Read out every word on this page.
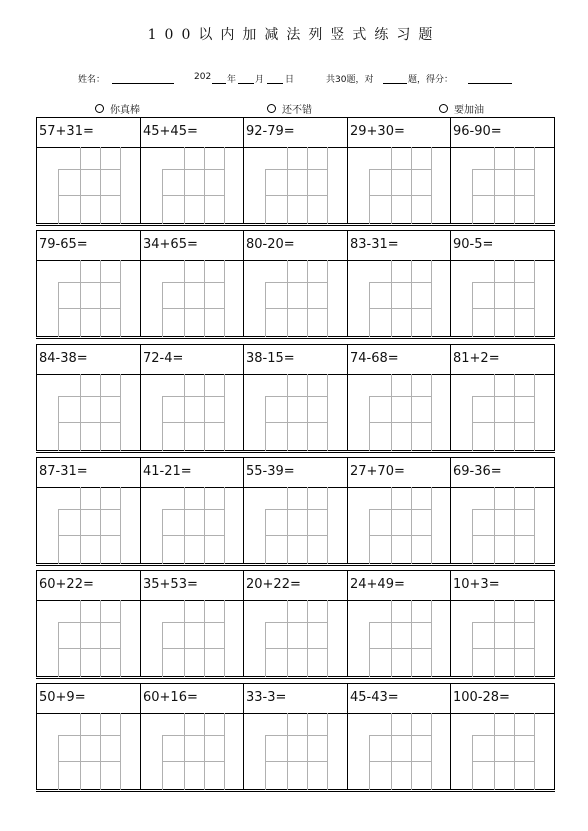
100以内加减法列竖式练习题
姓名：	202 年 月 日	共30题，对	题，得分：
你真棒	还不错	要加油
57+31=	45+45=	92-79=	29+30=	96-90=
79-65=	34+65=	80-20=	83-31=	90-5=
84-38=	72-4=	38-15=	74-68=	81+2=
87-31=	41-21=	55-39=	27+70=	69-36=
60+22=	35+53=	20+22=	24+49=	10+3=
50+9=	60+16=	33-3=	45-43=	100-28=
